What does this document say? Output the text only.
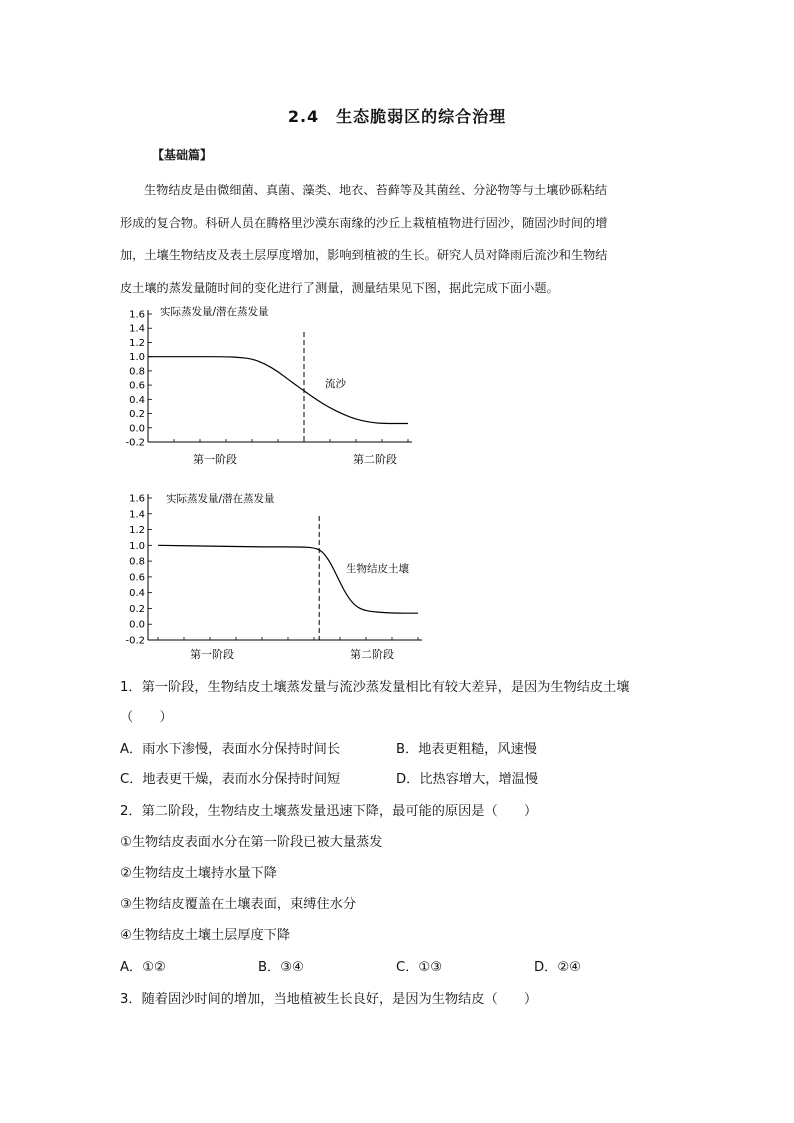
2.4　生态脆弱区的综合治理
【基础篇】
生物结皮是由微细菌、真菌、藻类、地衣、苔藓等及其菌丝、分泌物等与土壤砂砾粘结
形成的复合物。科研人员在腾格里沙漠东南缘的沙丘上栽植植物进行固沙，随固沙时间的增
加，土壤生物结皮及表土层厚度增加，影响到植被的生长。研究人员对降雨后流沙和生物结
皮土壤的蒸发量随时间的变化进行了测量，测量结果见下图，据此完成下面小题。
1.6
1.4
1.2
1.0
0.8
0.6
0.4
0.2
0.0
-0.2
实际蒸发量/潜在蒸发量
流沙
第一阶段	第二阶段
1.6
1.4
1.2
1.0
0.8
0.6
0.4
0.2
0.0
-0.2
实际蒸发量/潜在蒸发量
生物结皮土壤
第一阶段	第二阶段
1．第一阶段，生物结皮土壤蒸发量与流沙蒸发量相比有较大差异，是因为生物结皮土壤
（　　）
A．雨水下渗慢，表面水分保持时间长	B．地表更粗糙，风速慢
C．地表更干燥，表而水分保持时间短	D．比热容增大，增温慢
2．第二阶段，生物结皮土壤蒸发量迅速下降，最可能的原因是（　　）
①生物结皮表面水分在第一阶段已被大量蒸发
②生物结皮土壤持水量下降
③生物结皮覆盖在土壤表面，束缚住水分
④生物结皮土壤土层厚度下降
A．①②	B．③④	C．①③	D．②④
3．随着固沙时间的增加，当地植被生长良好，是因为生物结皮（　　）
